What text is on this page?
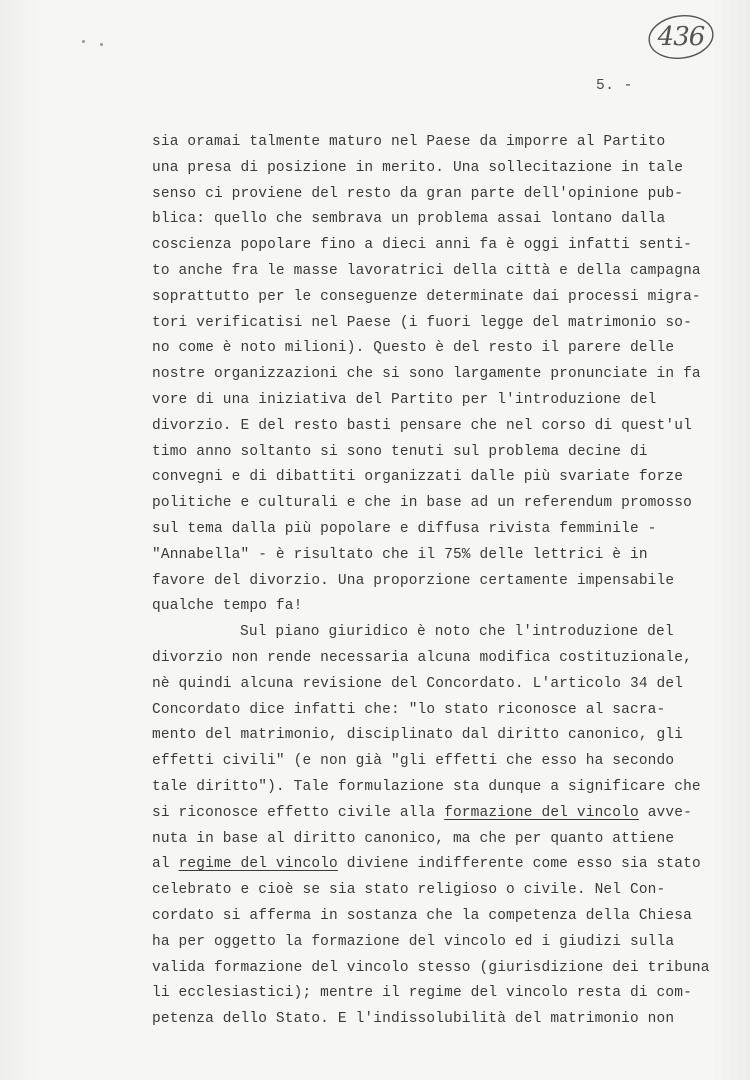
436
5. -
sia oramai talmente maturo nel Paese da imporre al Partito
una presa di posizione in merito. Una sollecitazione in tale
senso ci proviene del resto da gran parte dell'opinione pub-
blica: quello che sembrava un problema assai lontano dalla
coscienza popolare fino a dieci anni fa è oggi infatti senti-
to anche fra le masse lavoratrici della città e della campagna
soprattutto per le conseguenze determinate dai processi migra-
tori verificatisi nel Paese (i fuori legge del matrimonio so-
no come è noto milioni). Questo è del resto il parere delle
nostre organizzazioni che si sono largamente pronunciate in fa
vore di una iniziativa del Partito per l'introduzione del
divorzio. E del resto basti pensare che nel corso di quest'ul
timo anno soltanto si sono tenuti sul problema decine di
convegni e di dibattiti organizzati dalle più svariate forze
politiche e culturali e che in base ad un referendum promosso
sul tema dalla più popolare e diffusa rivista femminile -
"Annabella" - è risultato che il 75% delle lettrici è in
favore del divorzio. Una proporzione certamente impensabile
qualche tempo fa!
Sul piano giuridico è noto che l'introduzione del
divorzio non rende necessaria alcuna modifica costituzionale,
nè quindi alcuna revisione del Concordato. L'articolo 34 del
Concordato dice infatti che: "lo stato riconosce al sacra-
mento del matrimonio, disciplinato dal diritto canonico, gli
effetti civili" (e non già "gli effetti che esso ha secondo
tale diritto"). Tale formulazione sta dunque a significare che
si riconosce effetto civile alla formazione del vincolo avve-
nuta in base al diritto canonico, ma che per quanto attiene
al regime del vincolo diviene indifferente come esso sia stato
celebrato e cioè se sia stato religioso o civile. Nel Con-
cordato si afferma in sostanza che la competenza della Chiesa
ha per oggetto la formazione del vincolo ed i giudizi sulla
valida formazione del vincolo stesso (giurisdizione dei tribuna
li ecclesiastici); mentre il regime del vincolo resta di com-
petenza dello Stato. E l'indissolubilità del matrimonio non
